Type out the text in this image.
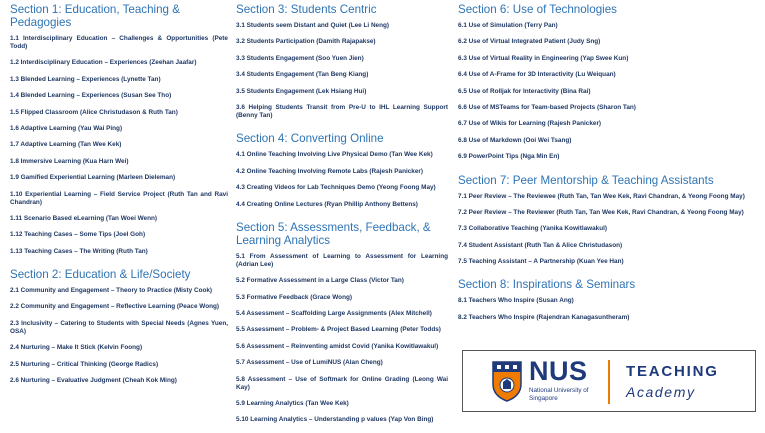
Section 1: Education, Teaching & Pedagogies
1.1 Interdisciplinary Education – Challenges & Opportunities (Pete Todd)
1.2 Interdisciplinary Education – Experiences (Zeehan Jaafar)
1.3 Blended Learning – Experiences (Lynette Tan)
1.4 Blended Learning – Experiences (Susan See Tho)
1.5 Flipped Classroom (Alice Christudason & Ruth Tan)
1.6 Adaptive Learning (Yau Wai Ping)
1.7 Adaptive Learning (Tan Wee Kek)
1.8 Immersive Learning (Kua Harn Wei)
1.9 Gamified Experiential Learning (Marleen Dieleman)
1.10 Experiential Learning – Field Service Project (Ruth Tan and Ravi Chandran)
1.11 Scenario Based eLearning (Tan Woei Wenn)
1.12 Teaching Cases – Some Tips (Joel Goh)
1.13 Teaching Cases – The Writing (Ruth Tan)
Section 2: Education & Life/Society
2.1 Community and Engagement – Theory to Practice (Misty Cook)
2.2 Community and Engagement – Reflective Learning (Peace Wong)
2.3 Inclusivity – Catering to Students with Special Needs (Agnes Yuen, OSA)
2.4 Nurturing – Make It Stick (Kelvin Foong)
2.5 Nurturing – Critical Thinking (George Radics)
2.6 Nurturing – Evaluative Judgment (Cheah Kok Ming)
Section 3: Students Centric
3.1 Students seem Distant and Quiet (Lee Li Neng)
3.2 Students Participation (Damith Rajapakse)
3.3 Students Engagement (Soo Yuen Jien)
3.4 Students Engagement (Tan Beng Kiang)
3.5 Students Engagement (Lek Hsiang Hui)
3.6 Helping Students Transit from Pre-U to IHL Learning Support (Benny Tan)
Section 4: Converting Online
4.1 Online Teaching Involving Live Physical Demo (Tan Wee Kek)
4.2 Online Teaching Involving Remote Labs (Rajesh Panicker)
4.3 Creating Videos for Lab Techniques Demo (Yeong Foong May)
4.4 Creating Online Lectures (Ryan Phillip Anthony Bettens)
Section 5: Assessments, Feedback, & Learning Analytics
5.1 From Assessment of Learning to Assessment for Learning (Adrian Lee)
5.2 Formative Assessment in a Large Class (Victor Tan)
5.3 Formative Feedback (Grace Wong)
5.4 Assessment – Scaffolding Large Assignments (Alex Mitchell)
5.5 Assessment – Problem- & Project Based Learning (Peter Todds)
5.6 Assessment – Reinventing amidst Covid (Yanika Kowitlawakul)
5.7 Assessment – Use of LumiNUS (Alan Cheng)
5.8 Assessment – Use of Softmark for Online Grading (Leong Wai Kay)
5.9 Learning Analytics (Tan Wee Kek)
5.10 Learning Analytics – Understanding p values (Yap Von Bing)
Section 6: Use of Technologies
6.1 Use of Simulation (Terry Pan)
6.2 Use of Virtual Integrated Patient (Judy Sng)
6.3 Use of Virtual Reality in Engineering (Yap Swee Kun)
6.4 Use of A-Frame for 3D Interactivity (Lu Weiquan)
6.5 Use of Rolljak for Interactivity (Bina Rai)
6.6 Use of MSTeams for Team-based Projects (Sharon Tan)
6.7 Use of Wikis for Learning (Rajesh Panicker)
6.8 Use of Markdown (Ooi Wei Tsang)
6.9 PowerPoint Tips (Nga Min En)
Section 7: Peer Mentorship & Teaching Assistants
7.1 Peer Review – The Reviewee (Ruth Tan, Tan Wee Kek, Ravi Chandran, & Yeong Foong May)
7.2 Peer Review – The Reviewer (Ruth Tan, Tan Wee Kek, Ravi Chandran, & Yeong Foong May)
7.3 Collaborative Teaching (Yanika Kowitlawakul)
7.4 Student Assistant (Ruth Tan & Alice Christudason)
7.5 Teaching Assistant – A Partnership (Kuan Yee Han)
Section 8: Inspirations & Seminars
8.1 Teachers Who Inspire (Susan Ang)
8.2 Teachers Who Inspire (Rajendran Kanagasuntheram)
NUS
National University of Singapore
TEACHING
Academy
